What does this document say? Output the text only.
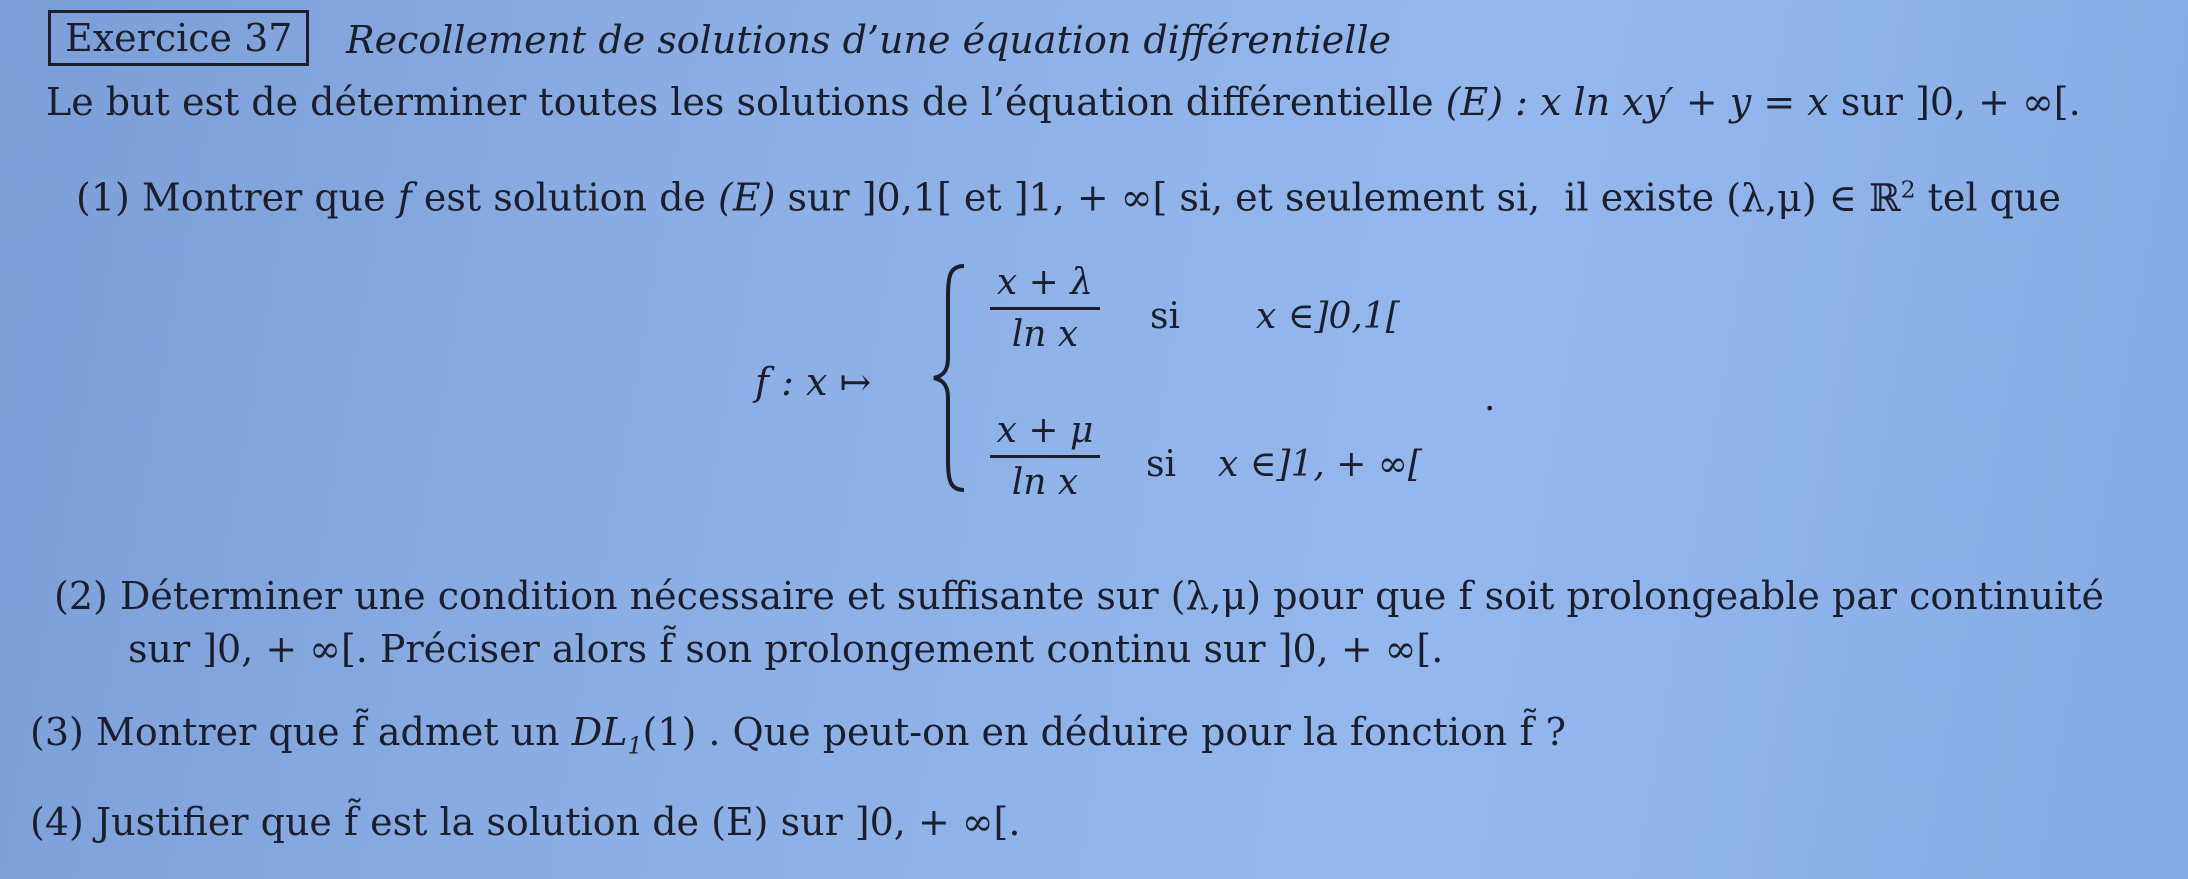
Exercice 37	Recollement de solutions d’une équation différentielle
Le but est de déterminer toutes les solutions de l’équation différentielle (E) : x ln xy′ + y = x sur ]0, + ∞[.
(1) Montrer que f est solution de (E) sur ]0,1[ et ]1, + ∞[ si, et seulement si, il existe (λ,μ) ∈ ℝ$^2$ tel que
f : x ↦
x + λ
ln x	si x ∈]0,1[
x + μ
ln x	si x ∈]1, + ∞[
.
(2) Déterminer une condition nécessaire et suffisante sur (λ,μ) pour que f soit prolongeable par continuité
sur ]0, + ∞[. Préciser alors f̃ son prolongement continu sur ]0, + ∞[.
(3) Montrer que f̃ admet un $DL_1(1)$ . Que peut-on en déduire pour la fonction f̃ ?
(4) Justifier que f̃ est la solution de (E) sur ]0, + ∞[.
